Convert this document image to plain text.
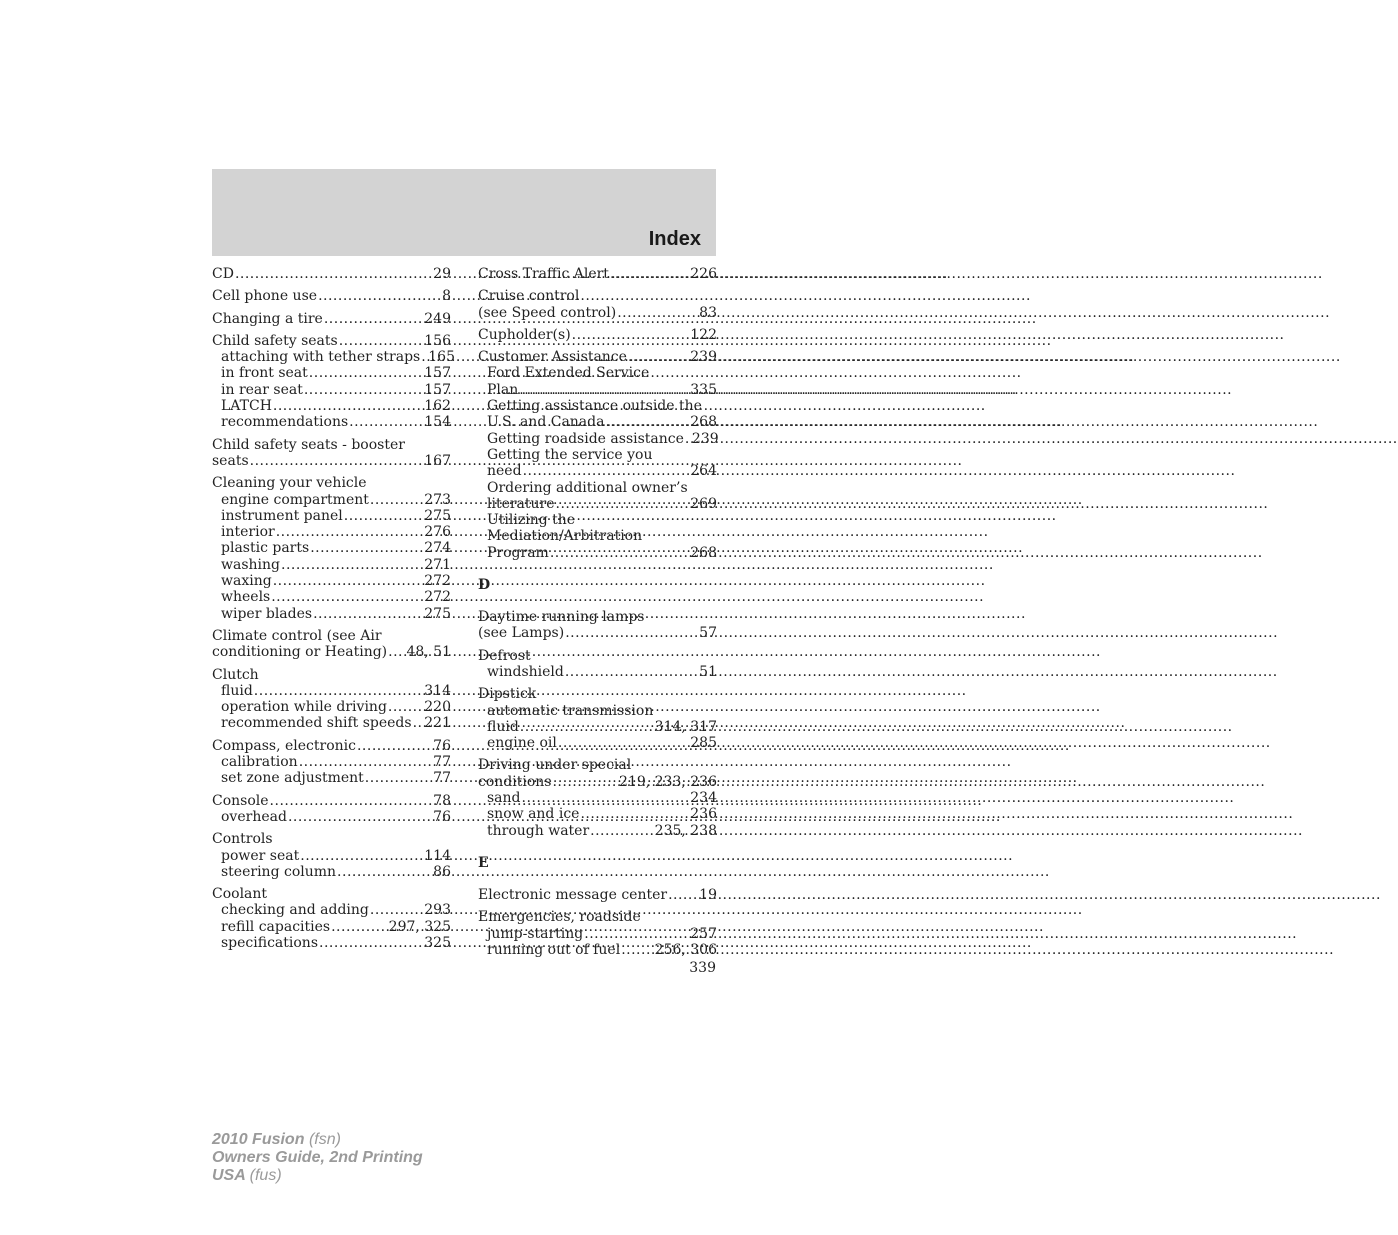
Index
CD .....	29
Cell phone use .....	8
Changing a tire .....	249
Child safety seats .....	156
attaching with tether straps ..... 165
in front seat .....	157
in rear seat .....	157
LATCH .....	162
recommendations .....	154
Child safety seats - booster
seats .....	167
Cleaning your vehicle
engine compartment .....	273
instrument panel .....	275
interior .....	276
plastic parts .....	274
washing .....	271
waxing .....	272
wheels .....	272
wiper blades .....	275
Climate control (see Air
conditioning or Heating) ..... 48, 51
Clutch
fluid .....	314
operation while driving .....	220
recommended shift speeds ..... 221
Compass, electronic .....	76
calibration .....	77
set zone adjustment .....	77
Console .....	78
overhead .....	76
Controls
power seat .....	114
steering column .....	86
Coolant
checking and adding .....	293
refill capacities .....	297, 325
specifications .....	325
Cross Traffic Alert .....	226
Cruise control
(see Speed control) .....	83
Cupholder(s) .....	122
Customer Assistance .....	239
Ford Extended Service
Plan .....	335
Getting assistance outside the
U.S. and Canada .....	268
Getting roadside assistance ..... 239
Getting the service you
need .....	264
Ordering additional owner’s
literature .....	269
Utilizing the
Mediation/Arbitration
Program .....	268
D
Daytime running lamps
(see Lamps) .....	57
Defrost
windshield .....	51
Dipstick
automatic transmission
fluid .....	314, 317
engine oil .....	285
Driving under special
conditions .....	219, 233, 236
sand .....	234
snow and ice .....	236
through water .....	235, 238
E
Electronic message center ..... 19
Emergencies, roadside
jump-starting .....	257
running out of fuel ..... 256, 306
339
2010 Fusion (fsn)
Owners Guide, 2nd Printing
USA (fus)
